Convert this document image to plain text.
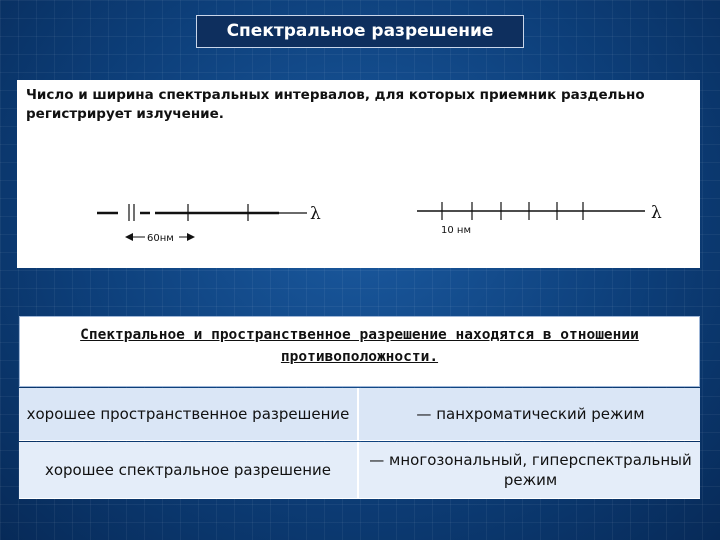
Спектральное разрешение
λ
60нм
λ
10 нм
Число и ширина спектральных интервалов, для которых приемник раздельно регистрирует излучение.
Спектральное и пространственное разрешение находятся в отношении противоположности.
хорошее пространственное разрешение	— панхроматический режим
хорошее спектральное разрешение
— многозональный, гиперспектральный режим
